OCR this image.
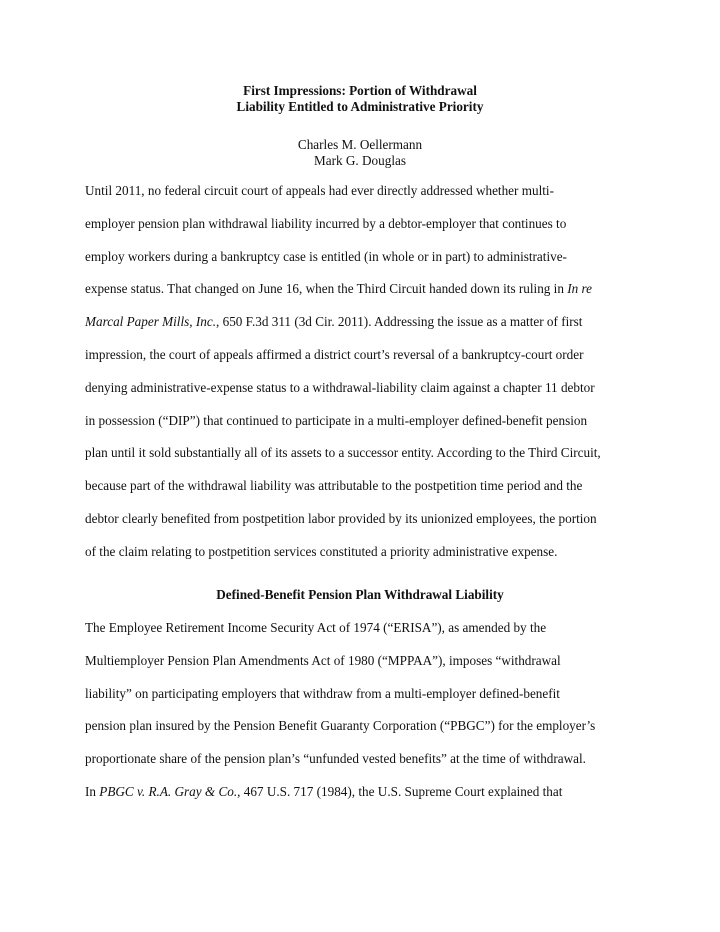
First Impressions: Portion of Withdrawal
Liability Entitled to Administrative Priority
Charles M. Oellermann
Mark G. Douglas
Until 2011, no federal circuit court of appeals had ever directly addressed whether multi-
employer pension plan withdrawal liability incurred by a debtor-employer that continues to
employ workers during a bankruptcy case is entitled (in whole or in part) to administrative-
expense status. That changed on June 16, when the Third Circuit handed down its ruling in In re
Marcal Paper Mills, Inc., 650 F.3d 311 (3d Cir. 2011). Addressing the issue as a matter of first
impression, the court of appeals affirmed a district court’s reversal of a bankruptcy-court order
denying administrative-expense status to a withdrawal-liability claim against a chapter 11 debtor
in possession (“DIP”) that continued to participate in a multi-employer defined-benefit pension
plan until it sold substantially all of its assets to a successor entity. According to the Third Circuit,
because part of the withdrawal liability was attributable to the postpetition time period and the
debtor clearly benefited from postpetition labor provided by its unionized employees, the portion
of the claim relating to postpetition services constituted a priority administrative expense.
Defined-Benefit Pension Plan Withdrawal Liability
The Employee Retirement Income Security Act of 1974 (“ERISA”), as amended by the
Multiemployer Pension Plan Amendments Act of 1980 (“MPPAA”), imposes “withdrawal
liability” on participating employers that withdraw from a multi-employer defined-benefit
pension plan insured by the Pension Benefit Guaranty Corporation (“PBGC”) for the employer’s
proportionate share of the pension plan’s “unfunded vested benefits” at the time of withdrawal.
In PBGC v. R.A. Gray & Co., 467 U.S. 717 (1984), the U.S. Supreme Court explained that
